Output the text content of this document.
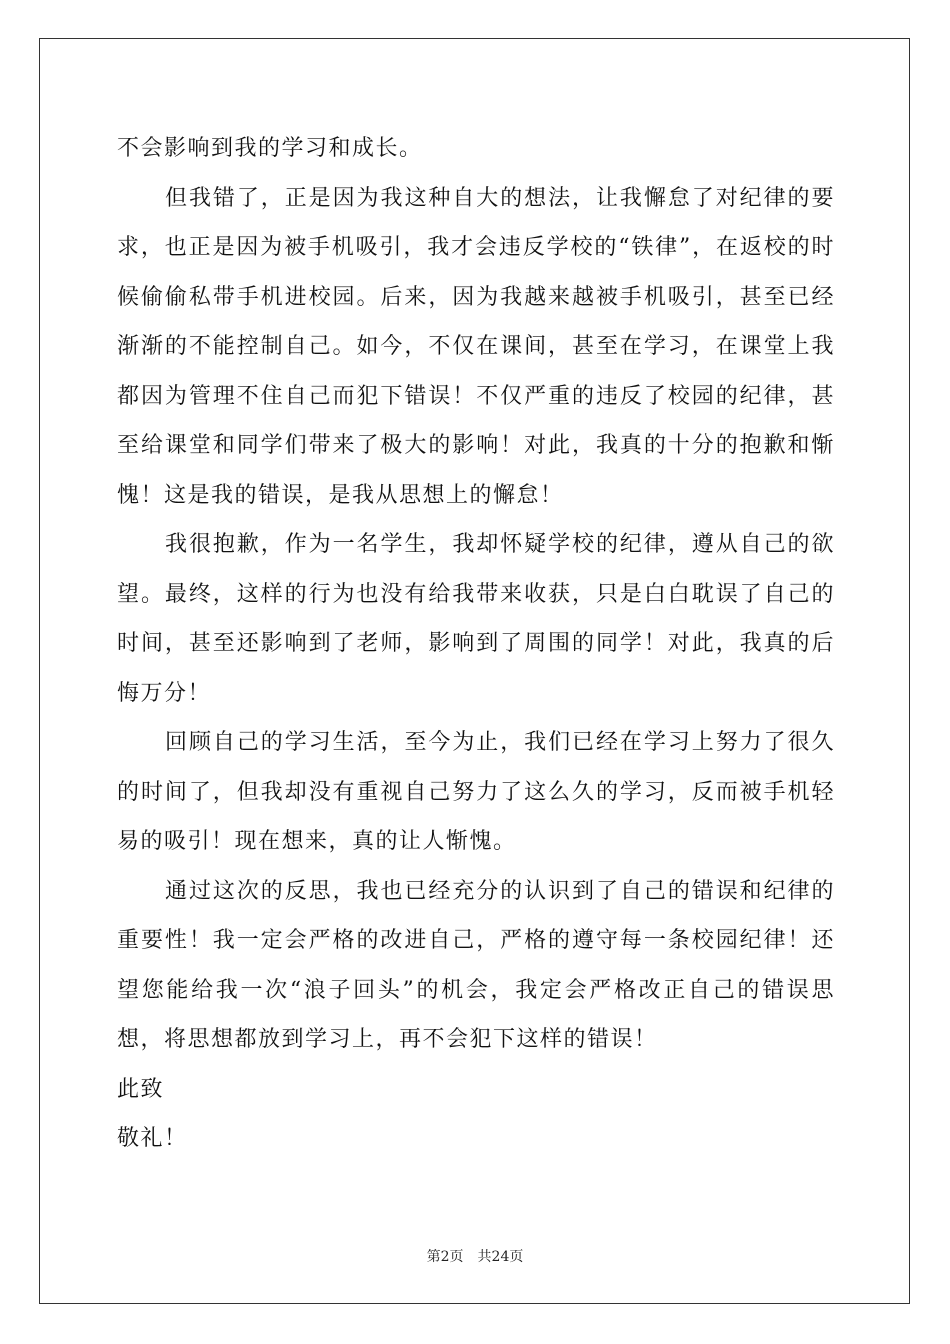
不会影响到我的学习和成长。

但我错了，正是因为我这种自大的想法，让我懈怠了对纪律的要求，也正是因为被手机吸引，我才会违反学校的“铁律”，在返校的时候偷偷私带手机进校园。后来，因为我越来越被手机吸引，甚至已经渐渐的不能控制自己。如今，不仅在课间，甚至在学习，在课堂上我都因为管理不住自己而犯下错误！不仅严重的违反了校园的纪律，甚至给课堂和同学们带来了极大的影响！对此，我真的十分的抱歉和惭愧！这是我的错误，是我从思想上的懈怠！

我很抱歉，作为一名学生，我却怀疑学校的纪律，遵从自己的欲望。最终，这样的行为也没有给我带来收获，只是白白耽误了自己的时间，甚至还影响到了老师，影响到了周围的同学！对此，我真的后悔万分！

回顾自己的学习生活，至今为止，我们已经在学习上努力了很久的时间了，但我却没有重视自己努力了这么久的学习，反而被手机轻易的吸引！现在想来，真的让人惭愧。

通过这次的反思，我也已经充分的认识到了自己的错误和纪律的重要性！我一定会严格的改进自己，严格的遵守每一条校园纪律！还望您能给我一次“浪子回头”的机会，我定会严格改正自己的错误思想，将思想都放到学习上，再不会犯下这样的错误！

此致

敬礼！

第2页 共24页
